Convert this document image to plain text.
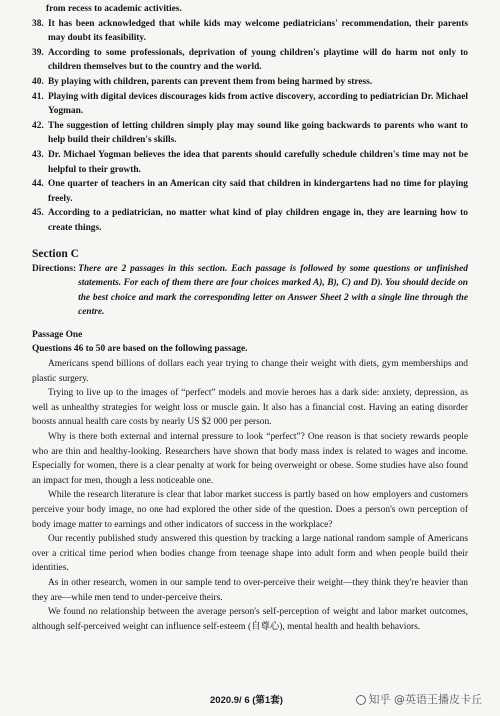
from recess to academic activities.
38. It has been acknowledged that while kids may welcome pediatricians' recommendation, their parents may doubt its feasibility.
39. According to some professionals, deprivation of young children's playtime will do harm not only to children themselves but to the country and the world.
40. By playing with children, parents can prevent them from being harmed by stress.
41. Playing with digital devices discourages kids from active discovery, according to pediatrician Dr. Michael Yogman.
42. The suggestion of letting children simply play may sound like going backwards to parents who want to help build their children's skills.
43. Dr. Michael Yogman believes the idea that parents should carefully schedule children's time may not be helpful to their growth.
44. One quarter of teachers in an American city said that children in kindergartens had no time for playing freely.
45. According to a pediatrician, no matter what kind of play children engage in, they are learning how to create things.
Section C
Directions: There are 2 passages in this section. Each passage is followed by some questions or unfinished statements. For each of them there are four choices marked A), B), C) and D). You should decide on the best choice and mark the corresponding letter on Answer Sheet 2 with a single line through the centre.
Passage One
Questions 46 to 50 are based on the following passage.
Americans spend billions of dollars each year trying to change their weight with diets, gym memberships and plastic surgery.
Trying to live up to the images of “perfect” models and movie heroes has a dark side: anxiety, depression, as well as unhealthy strategies for weight loss or muscle gain. It also has a financial cost. Having an eating disorder boosts annual health care costs by nearly US $2 000 per person.
Why is there both external and internal pressure to look “perfect”? One reason is that society rewards people who are thin and healthy-looking. Researchers have shown that body mass index is related to wages and income. Especially for women, there is a clear penalty at work for being overweight or obese. Some studies have also found an impact for men, though a less noticeable one.
While the research literature is clear that labor market success is partly based on how employers and customers perceive your body image, no one had explored the other side of the question. Does a person's own perception of body image matter to earnings and other indicators of success in the workplace?
Our recently published study answered this question by tracking a large national random sample of Americans over a critical time period when bodies change from teenage shape into adult form and when people build their identities.
As in other research, women in our sample tend to over-perceive their weight—they think they're heavier than they are—while men tend to under-perceive theirs.
We found no relationship between the average person's self-perception of weight and labor market outcomes, although self-perceived weight can influence self-esteem (自尊心), mental health and health behaviors.
2020.9/ 6 (第1套)	知乎 @英语王播皮卡丘
